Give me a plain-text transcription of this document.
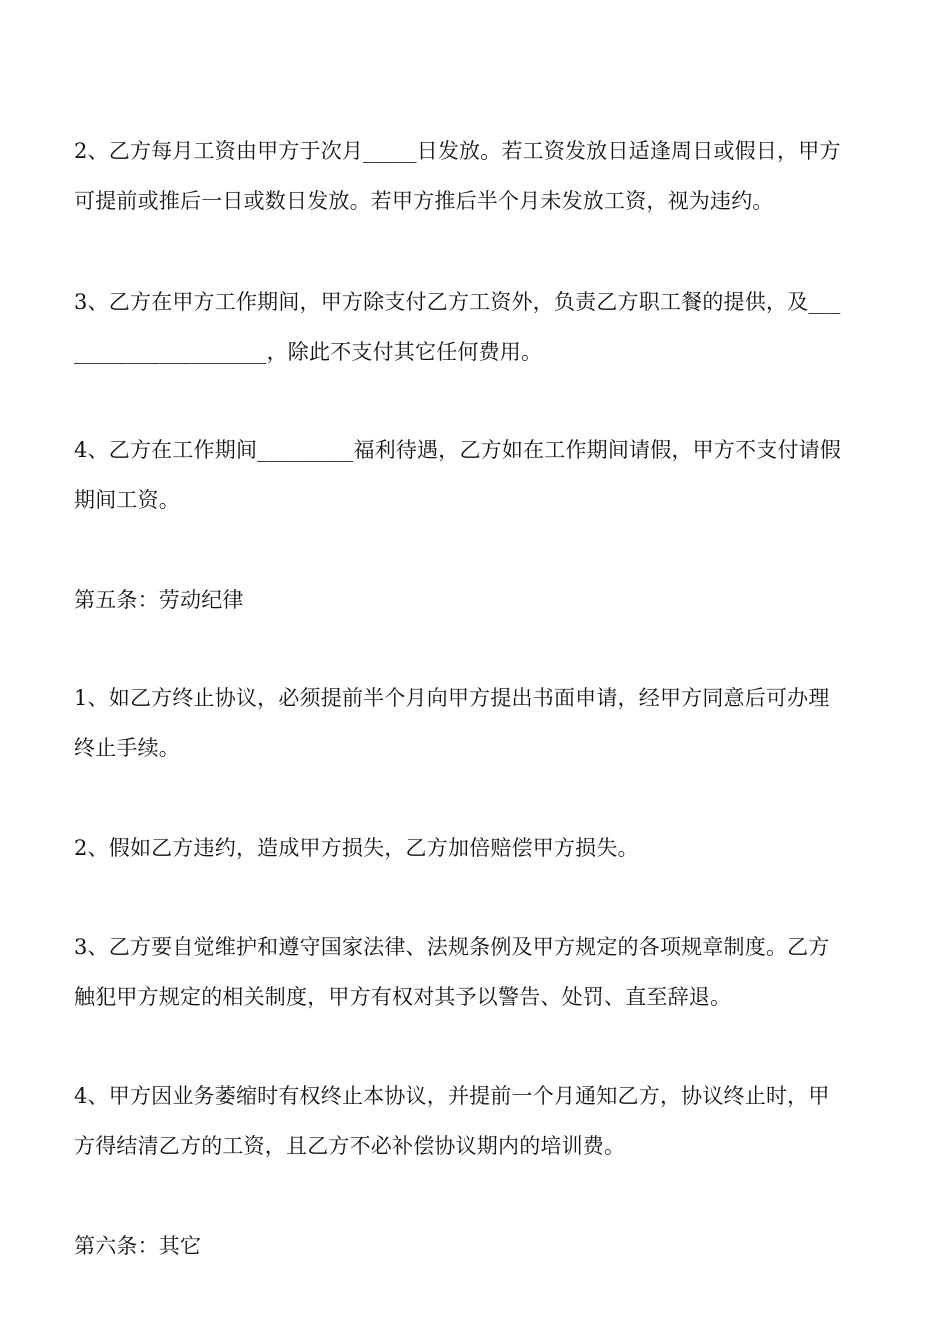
2、乙方每月工资由甲方于次月_____日发放。若工资发放日适逢周日或假日，甲方
可提前或推后一日或数日发放。若甲方推后半个月未发放工资，视为违约。
3、乙方在甲方工作期间，甲方除支付乙方工资外，负责乙方职工餐的提供，及___
__________________，除此不支付其它任何费用。
4、乙方在工作期间_________福利待遇，乙方如在工作期间请假，甲方不支付请假
期间工资。
第五条：劳动纪律
1、如乙方终止协议，必须提前半个月向甲方提出书面申请，经甲方同意后可办理
终止手续。
2、假如乙方违约，造成甲方损失，乙方加倍赔偿甲方损失。
3、乙方要自觉维护和遵守国家法律、法规条例及甲方规定的各项规章制度。乙方
触犯甲方规定的相关制度，甲方有权对其予以警告、处罚、直至辞退。
4、甲方因业务萎缩时有权终止本协议，并提前一个月通知乙方，协议终止时，甲
方得结清乙方的工资，且乙方不必补偿协议期内的培训费。
第六条：其它
